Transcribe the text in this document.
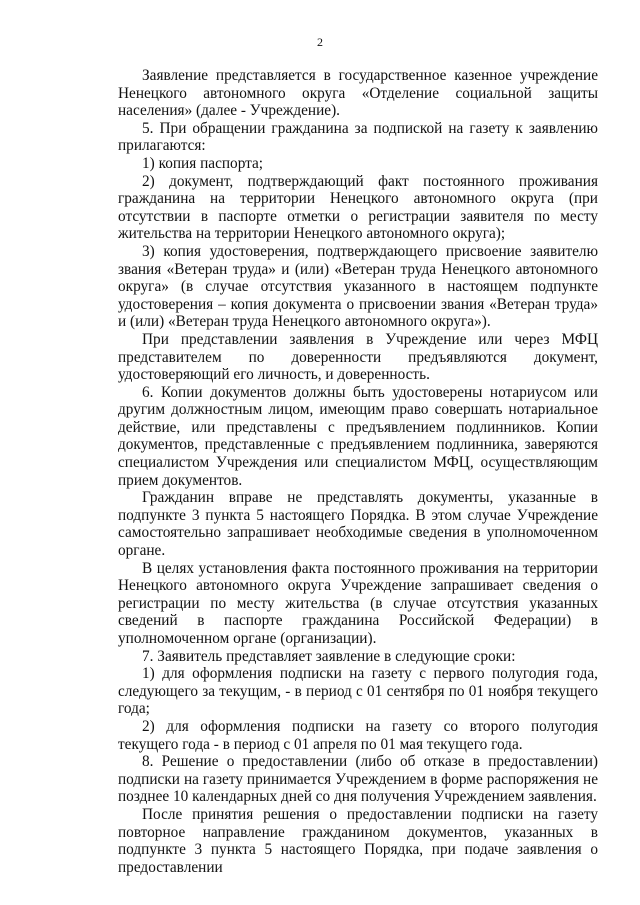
2

Заявление представляется в государственное казенное учреждение Ненецкого автономного округа «Отделение социальной защиты населения» (далее - Учреждение).

5. При обращении гражданина за подпиской на газету к заявлению прилагаются:

1) копия паспорта;

2) документ, подтверждающий факт постоянного проживания гражданина на территории Ненецкого автономного округа (при отсутствии в паспорте отметки о регистрации заявителя по месту жительства на территории Ненецкого автономного округа);

3) копия удостоверения, подтверждающего присвоение заявителю звания «Ветеран труда» и (или) «Ветеран труда Ненецкого автономного округа» (в случае отсутствия указанного в настоящем подпункте удостоверения – копия документа о присвоении звания «Ветеран труда» и (или) «Ветеран труда Ненецкого автономного округа»).

При представлении заявления в Учреждение или через МФЦ представителем по доверенности предъявляются документ, удостоверяющий его личность, и доверенность.

6. Копии документов должны быть удостоверены нотариусом или другим должностным лицом, имеющим право совершать нотариальное действие, или представлены с предъявлением подлинников. Копии документов, представленные с предъявлением подлинника, заверяются специалистом Учреждения или специалистом МФЦ, осуществляющим прием документов.

Гражданин вправе не представлять документы, указанные в подпункте 3 пункта 5 настоящего Порядка. В этом случае Учреждение самостоятельно запрашивает необходимые сведения в уполномоченном органе.

В целях установления факта постоянного проживания на территории Ненецкого автономного округа Учреждение запрашивает сведения о регистрации по месту жительства (в случае отсутствия указанных сведений в паспорте гражданина Российской Федерации) в уполномоченном органе (организации).

7. Заявитель представляет заявление в следующие сроки:

1) для оформления подписки на газету с первого полугодия года, следующего за текущим, - в период с 01 сентября по 01 ноября текущего года;

2) для оформления подписки на газету со второго полугодия текущего года - в период с 01 апреля по 01 мая текущего года.

8. Решение о предоставлении (либо об отказе в предоставлении) подписки на газету принимается Учреждением в форме распоряжения не позднее 10 календарных дней со дня получения Учреждением заявления.

После принятия решения о предоставлении подписки на газету повторное направление гражданином документов, указанных в подпункте 3 пункта 5 настоящего Порядка, при подаче заявления о предоставлении
